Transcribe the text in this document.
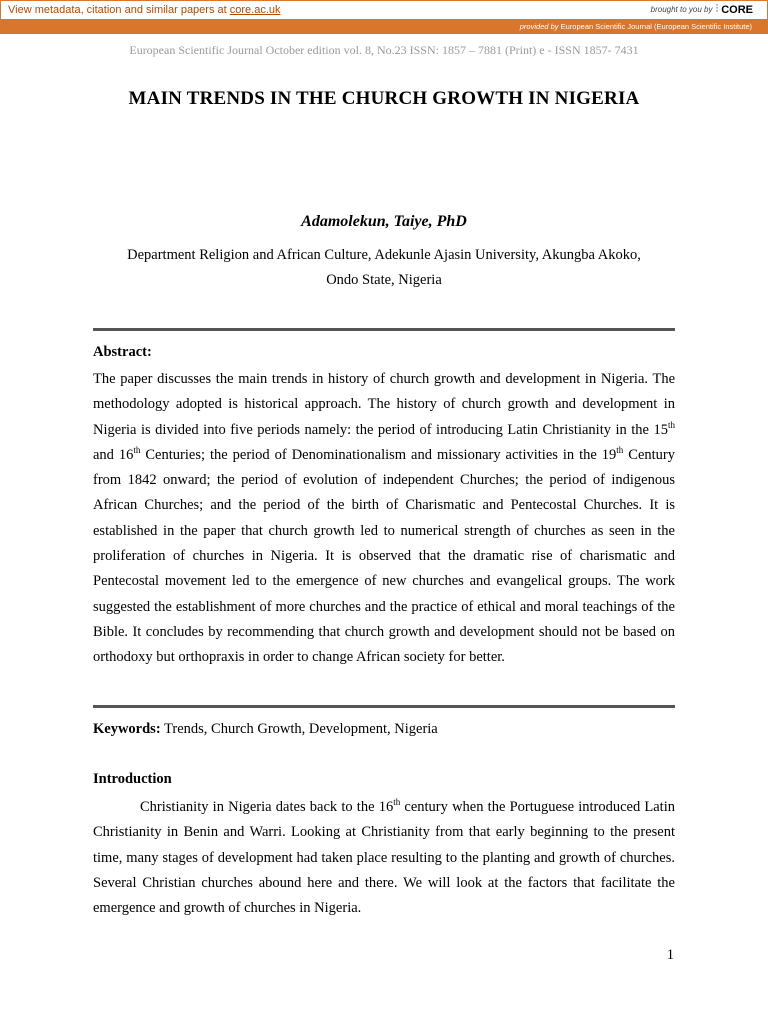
View metadata, citation and similar papers at core.ac.uk	brought to you by ⫶ CORE
provided by European Scientific Journal (European Scientific Institute)
European Scientific Journal October edition vol. 8, No.23 ISSN: 1857 – 7881 (Print) e - ISSN 1857- 7431
MAIN TRENDS IN THE CHURCH GROWTH IN NIGERIA
Adamolekun, Taiye, PhD
Department Religion and African Culture, Adekunle Ajasin University, Akungba Akoko,
Ondo State, Nigeria
Abstract:
The paper discusses the main trends in history of church growth and development in Nigeria. The methodology adopted is historical approach. The history of church growth and development in Nigeria is divided into five periods namely: the period of introducing Latin Christianity in the 15th and 16th Centuries; the period of Denominationalism and missionary activities in the 19th Century from 1842 onward; the period of evolution of independent Churches; the period of indigenous African Churches; and the period of the birth of Charismatic and Pentecostal Churches. It is established in the paper that church growth led to numerical strength of churches as seen in the proliferation of churches in Nigeria. It is observed that the dramatic rise of charismatic and Pentecostal movement led to the emergence of new churches and evangelical groups. The work suggested the establishment of more churches and the practice of ethical and moral teachings of the Bible. It concludes by recommending that church growth and development should not be based on orthodoxy but orthopraxis in order to change African society for better.
Keywords: Trends, Church Growth, Development, Nigeria
Introduction
Christianity in Nigeria dates back to the 16th century when the Portuguese introduced Latin Christianity in Benin and Warri. Looking at Christianity from that early beginning to the present time, many stages of development had taken place resulting to the planting and growth of churches. Several Christian churches abound here and there. We will look at the factors that facilitate the emergence and growth of churches in Nigeria.
1
